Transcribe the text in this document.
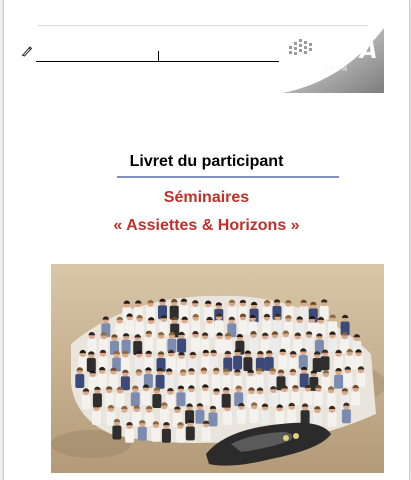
INSA
LYON
Livret du participant
Séminaires
« Assiettes & Horizons »
